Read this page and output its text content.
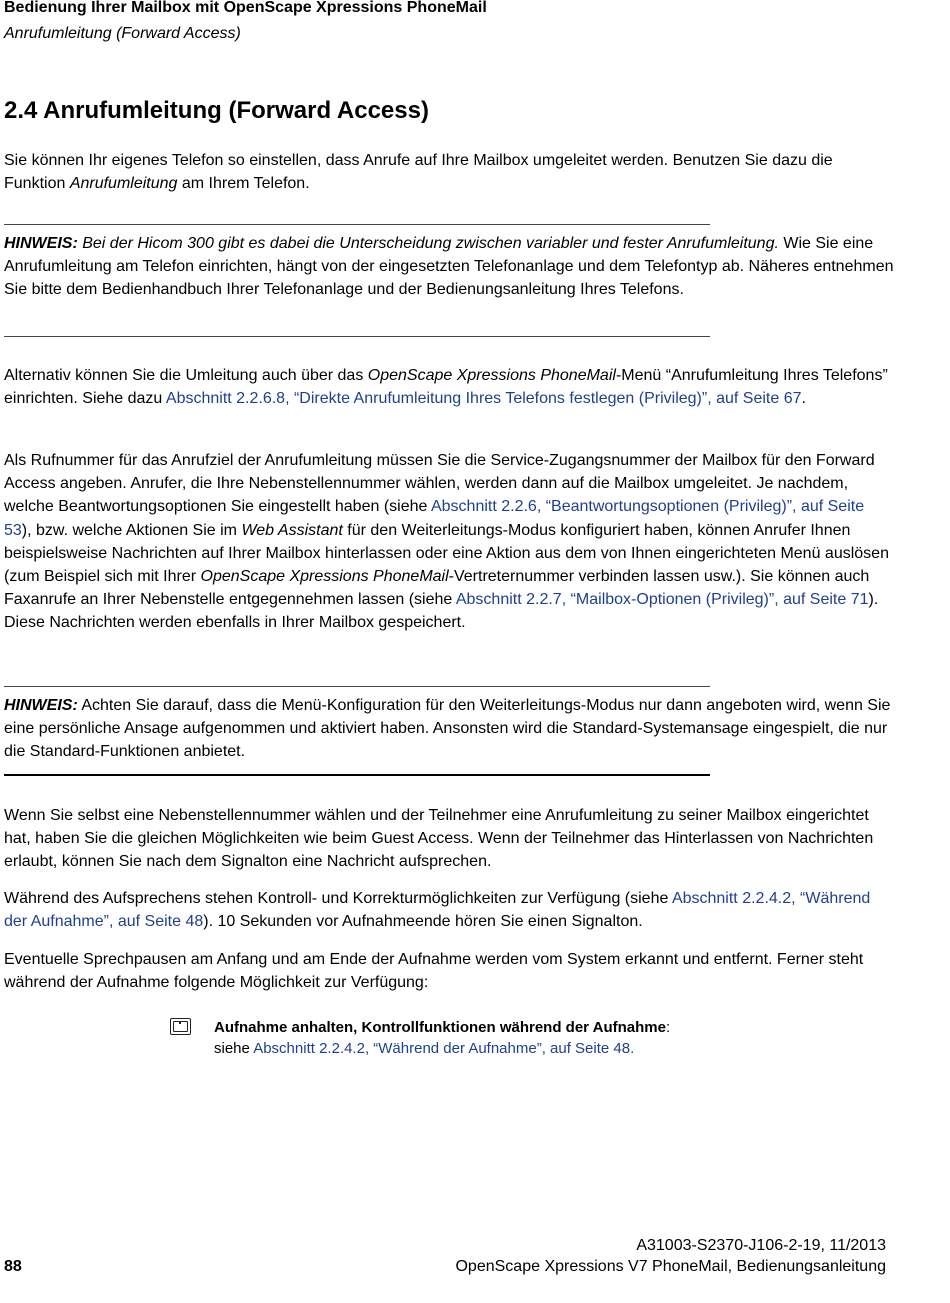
Bedienung Ihrer Mailbox mit OpenScape Xpressions PhoneMail
Anrufumleitung (Forward Access)
2.4 Anrufumleitung (Forward Access)
Sie können Ihr eigenes Telefon so einstellen, dass Anrufe auf Ihre Mailbox umgeleitet werden. Benutzen Sie dazu die Funktion Anrufumleitung am Ihrem Telefon.
HINWEIS: Bei der Hicom 300 gibt es dabei die Unterscheidung zwischen variabler und fester Anrufumleitung. Wie Sie eine Anrufumleitung am Telefon einrichten, hängt von der eingesetzten Telefonanlage und dem Telefontyp ab. Näheres entnehmen Sie bitte dem Bedienhandbuch Ihrer Telefonanlage und der Bedienungsanleitung Ihres Telefons.
Alternativ können Sie die Umleitung auch über das OpenScape Xpressions PhoneMail-Menü “Anrufumleitung Ihres Telefons” einrichten. Siehe dazu Abschnitt 2.2.6.8, “Direkte Anrufumleitung Ihres Telefons festlegen (Privileg)”, auf Seite 67.
Als Rufnummer für das Anrufziel der Anrufumleitung müssen Sie die Service-Zugangsnummer der Mailbox für den Forward Access angeben. Anrufer, die Ihre Nebenstellennummer wählen, werden dann auf die Mailbox umgeleitet. Je nachdem, welche Beantwortungsoptionen Sie eingestellt haben (siehe Abschnitt 2.2.6, “Beantwortungsoptionen (Privileg)”, auf Seite 53), bzw. welche Aktionen Sie im Web Assistant für den Weiterleitungs-Modus konfiguriert haben, können Anrufer Ihnen beispielsweise Nachrichten auf Ihrer Mailbox hinterlassen oder eine Aktion aus dem von Ihnen eingerichteten Menü auslösen (zum Beispiel sich mit Ihrer OpenScape Xpressions PhoneMail-Vertreternummer verbinden lassen usw.). Sie können auch Faxanrufe an Ihrer Nebenstelle entgegennehmen lassen (siehe Abschnitt 2.2.7, “Mailbox-Optionen (Privileg)”, auf Seite 71). Diese Nachrichten werden ebenfalls in Ihrer Mailbox gespeichert.
HINWEIS: Achten Sie darauf, dass die Menü-Konfiguration für den Weiterleitungs-Modus nur dann angeboten wird, wenn Sie eine persönliche Ansage aufgenommen und aktiviert haben. Ansonsten wird die Standard-Systemansage eingespielt, die nur die Standard-Funktionen anbietet.
Wenn Sie selbst eine Nebenstellennummer wählen und der Teilnehmer eine Anrufumleitung zu seiner Mailbox eingerichtet hat, haben Sie die gleichen Möglichkeiten wie beim Guest Access. Wenn der Teilnehmer das Hinterlassen von Nachrichten erlaubt, können Sie nach dem Signalton eine Nachricht aufsprechen.
Während des Aufsprechens stehen Kontroll- und Korrekturmöglichkeiten zur Verfügung (siehe Abschnitt 2.2.4.2, “Während der Aufnahme”, auf Seite 48). 10 Sekunden vor Aufnahmeende hören Sie einen Signalton.
Eventuelle Sprechpausen am Anfang und am Ende der Aufnahme werden vom System erkannt und entfernt. Ferner steht während der Aufnahme folgende Möglichkeit zur Verfügung:
Aufnahme anhalten, Kontrollfunktionen während der Aufnahme:
siehe Abschnitt 2.2.4.2, “Während der Aufnahme”, auf Seite 48.
A31003-S2370-J106-2-19, 11/2013
88	OpenScape Xpressions V7 PhoneMail, Bedienungsanleitung
